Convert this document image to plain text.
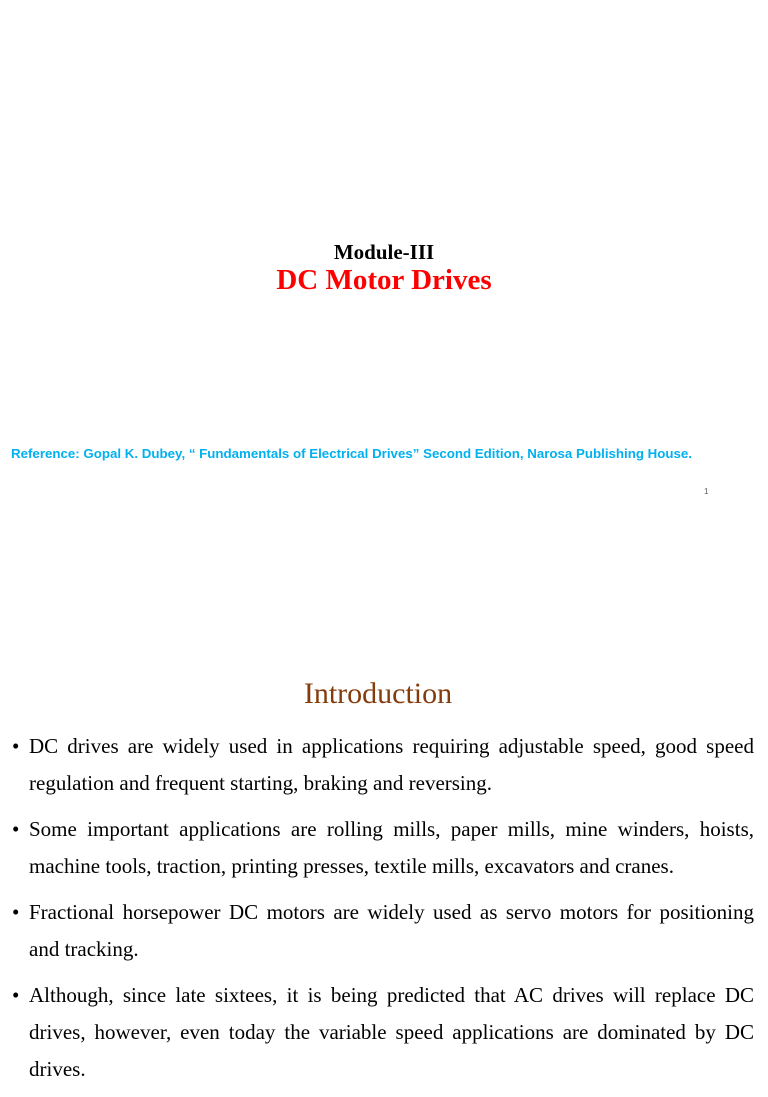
Module-III
DC Motor Drives
Reference: Gopal K. Dubey, “ Fundamentals of Electrical Drives” Second Edition, Narosa Publishing House.
1
Introduction
• DC drives are widely used in applications requiring adjustable speed, good speed regulation and frequent starting, braking and reversing.
• Some important applications are rolling mills, paper mills, mine winders, hoists, machine tools, traction, printing presses, textile mills, excavators and cranes.
• Fractional horsepower DC motors are widely used as servo motors for positioning and tracking.
• Although, since late sixtees, it is being predicted that AC drives will replace DC drives, however, even today the variable speed applications are dominated by DC drives.
